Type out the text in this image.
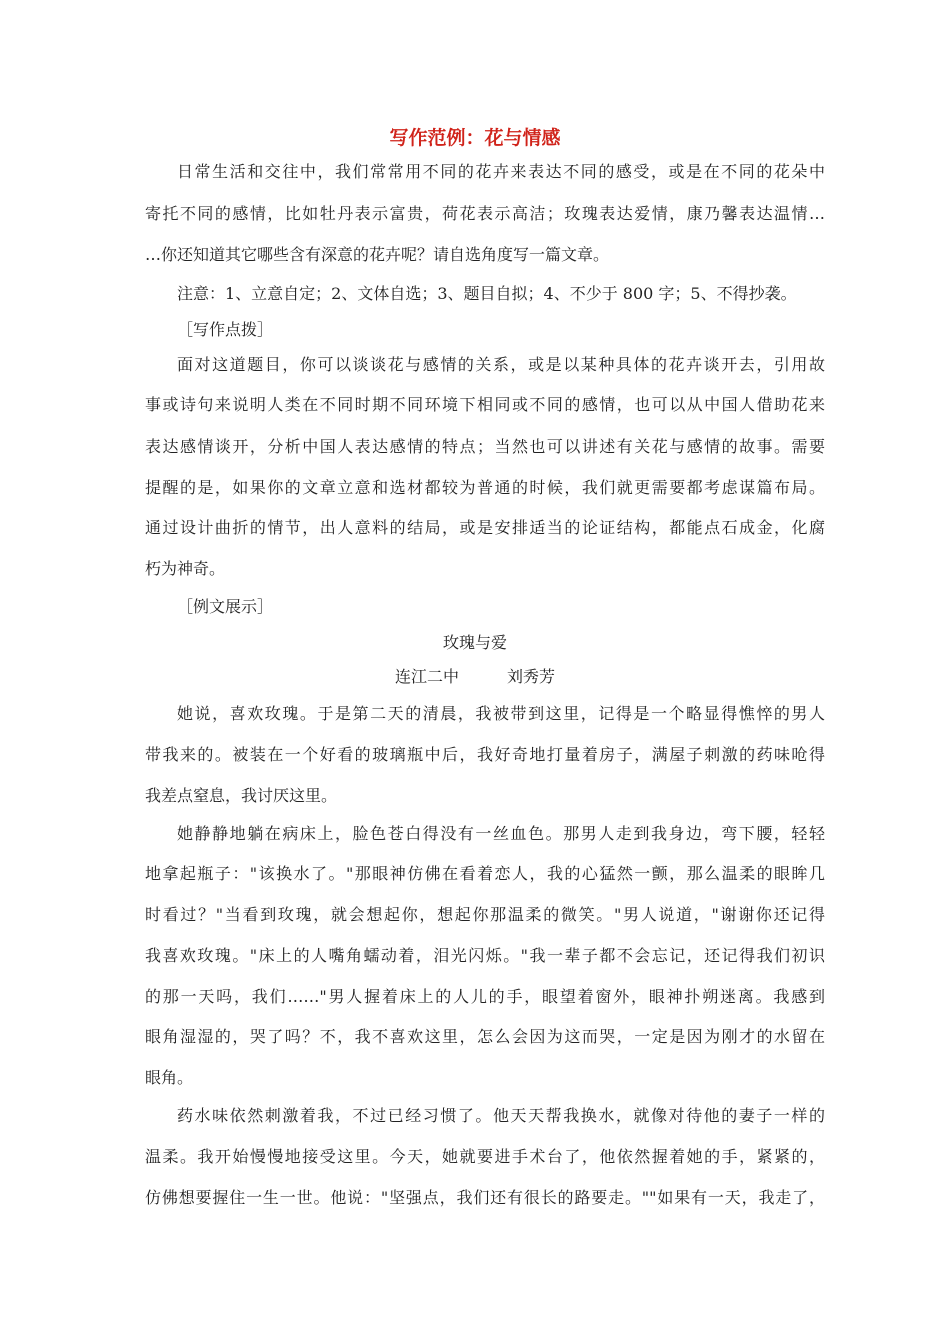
写作范例：花与情感
日常生活和交往中，我们常常用不同的花卉来表达不同的感受，或是在不同的花朵中
寄托不同的感情，比如牡丹表示富贵，荷花表示高洁；玫瑰表达爱情，康乃馨表达温情…
…你还知道其它哪些含有深意的花卉呢？请自选角度写一篇文章。
注意：1、立意自定；2、文体自选；3、题目自拟；4、不少于 800 字；5、不得抄袭。
［写作点拨］
面对这道题目，你可以谈谈花与感情的关系，或是以某种具体的花卉谈开去，引用故
事或诗句来说明人类在不同时期不同环境下相同或不同的感情，也可以从中国人借助花来
表达感情谈开，分析中国人表达感情的特点；当然也可以讲述有关花与感情的故事。需要
提醒的是，如果你的文章立意和选材都较为普通的时候，我们就更需要都考虑谋篇布局。
通过设计曲折的情节，出人意料的结局，或是安排适当的论证结构，都能点石成金，化腐
朽为神奇。
［例文展示］
玫瑰与爱
连江二中　　　刘秀芳
她说，喜欢玫瑰。于是第二天的清晨，我被带到这里，记得是一个略显得憔悴的男人
带我来的。被装在一个好看的玻璃瓶中后，我好奇地打量着房子，满屋子刺激的药味呛得
我差点窒息，我讨厌这里。
她静静地躺在病床上，脸色苍白得没有一丝血色。那男人走到我身边，弯下腰，轻轻
地拿起瓶子："该换水了。"那眼神仿佛在看着恋人，我的心猛然一颤，那么温柔的眼眸几
时看过？"当看到玫瑰，就会想起你，想起你那温柔的微笑。"男人说道，"谢谢你还记得
我喜欢玫瑰。"床上的人嘴角蠕动着，泪光闪烁。"我一辈子都不会忘记，还记得我们初识
的那一天吗，我们……"男人握着床上的人儿的手，眼望着窗外，眼神扑朔迷离。我感到
眼角湿湿的，哭了吗？不，我不喜欢这里，怎么会因为这而哭，一定是因为刚才的水留在
眼角。
药水味依然刺激着我，不过已经习惯了。他天天帮我换水，就像对待他的妻子一样的
温柔。我开始慢慢地接受这里。今天，她就要进手术台了，他依然握着她的手，紧紧的，
仿佛想要握住一生一世。他说："坚强点，我们还有很长的路要走。""如果有一天，我走了，
